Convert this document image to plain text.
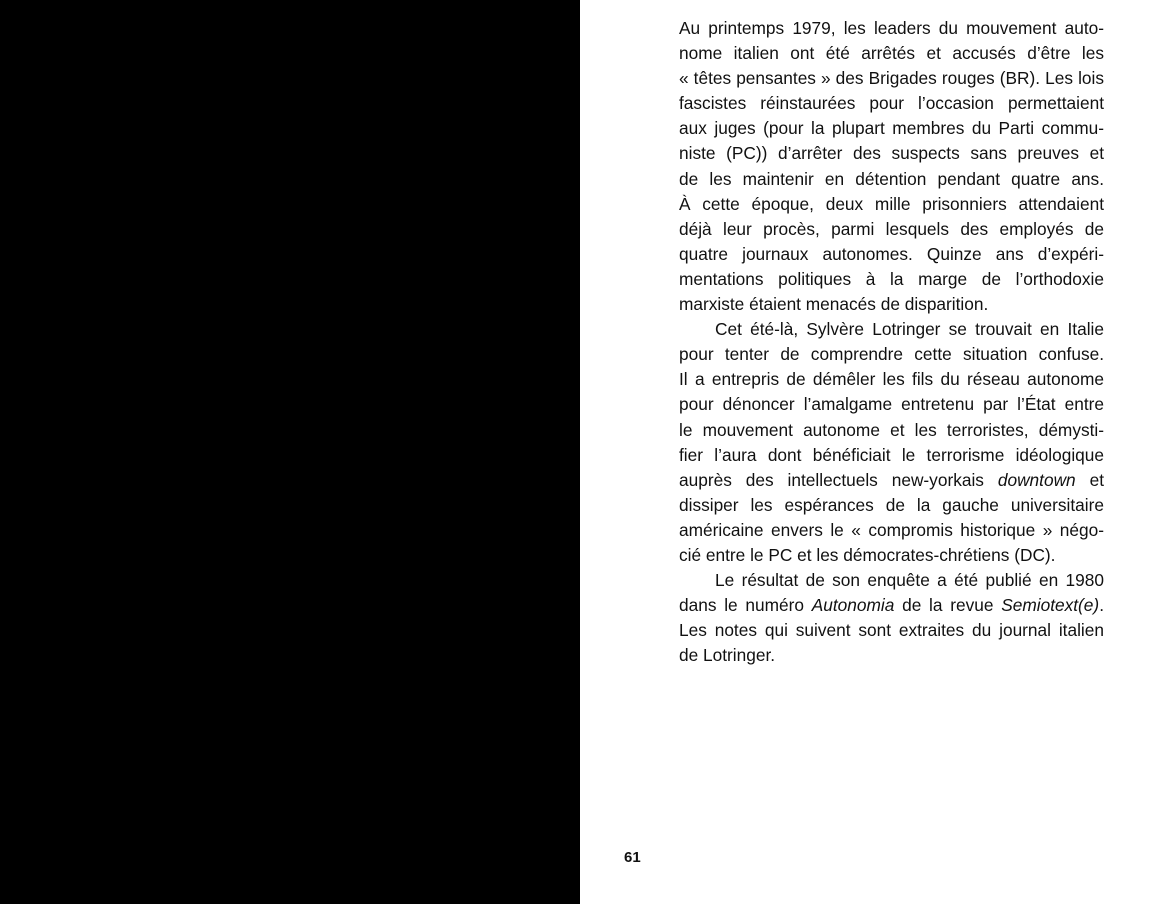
Au printemps 1979, les leaders du mouvement auto-
nome italien ont été arrêtés et accusés d’être les
« têtes pensantes » des Brigades rouges (BR). Les lois
fascistes réinstaurées pour l’occasion permettaient
aux juges (pour la plupart membres du Parti commu-
niste (PC)) d’arrêter des suspects sans preuves et
de les maintenir en détention pendant quatre ans.
À cette époque, deux mille prisonniers attendaient
déjà leur procès, parmi lesquels des employés de
quatre journaux autonomes. Quinze ans d’expéri-
mentations politiques à la marge de l’orthodoxie
marxiste étaient menacés de disparition.
Cet été-là, Sylvère Lotringer se trouvait en Italie
pour tenter de comprendre cette situation confuse.
Il a entrepris de démêler les fils du réseau autonome
pour dénoncer l’amalgame entretenu par l’État entre
le mouvement autonome et les terroristes, démysti-
fier l’aura dont bénéficiait le terrorisme idéologique
auprès des intellectuels new-yorkais downtown et
dissiper les espérances de la gauche universitaire
américaine envers le « compromis historique » négo-
cié entre le PC et les démocrates-chrétiens (DC).
Le résultat de son enquête a été publié en 1980
dans le numéro Autonomia de la revue Semiotext(e).
Les notes qui suivent sont extraites du journal italien
de Lotringer.
61
